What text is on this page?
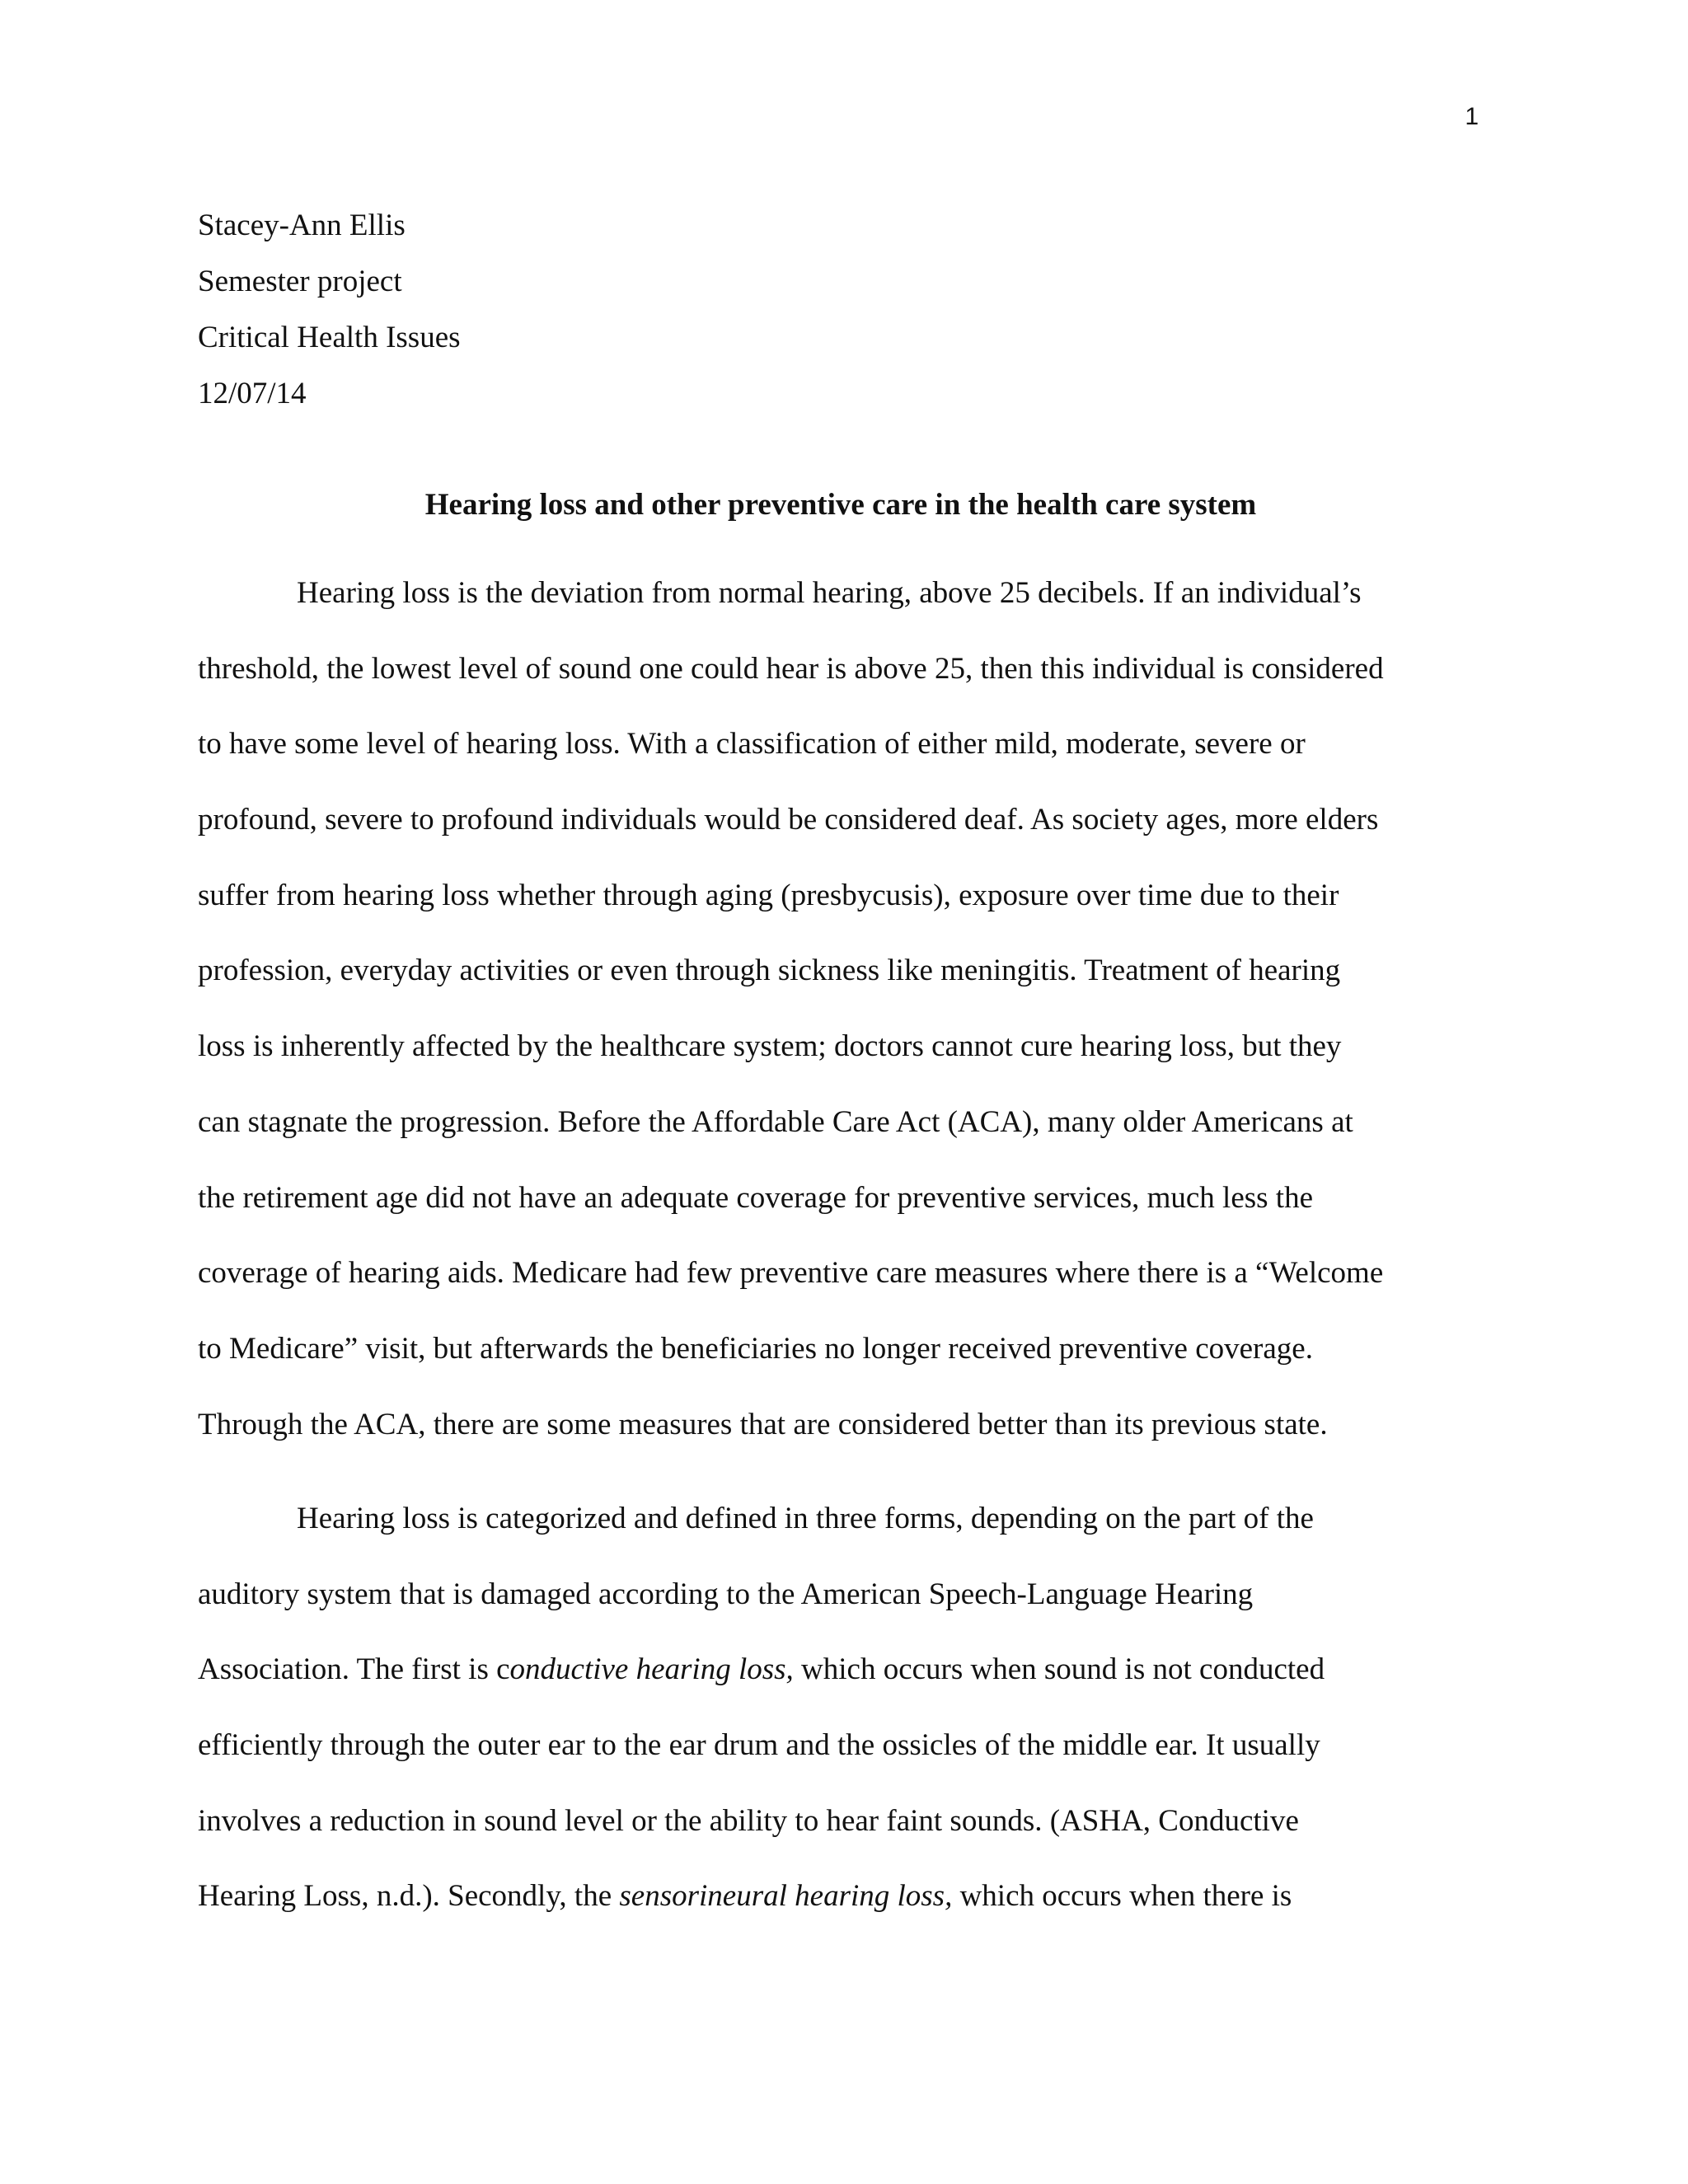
1
Stacey-Ann Ellis
Semester project
Critical Health Issues
12/07/14
Hearing loss and other preventive care in the health care system
Hearing loss is the deviation from normal hearing, above 25 decibels. If an individual’s
threshold, the lowest level of sound one could hear is above 25, then this individual is considered
to have some level of hearing loss. With a classification of either mild, moderate, severe or
profound, severe to profound individuals would be considered deaf. As society ages, more elders
suffer from hearing loss whether through aging (presbycusis), exposure over time due to their
profession, everyday activities or even through sickness like meningitis. Treatment of hearing
loss is inherently affected by the healthcare system; doctors cannot cure hearing loss, but they
can stagnate the progression. Before the Affordable Care Act (ACA), many older Americans at
the retirement age did not have an adequate coverage for preventive services, much less the
coverage of hearing aids. Medicare had few preventive care measures where there is a “Welcome
to Medicare” visit, but afterwards the beneficiaries no longer received preventive coverage.
Through the ACA, there are some measures that are considered better than its previous state.
Hearing loss is categorized and defined in three forms, depending on the part of the
auditory system that is damaged according to the American Speech-Language Hearing
Association. The first is conductive hearing loss, which occurs when sound is not conducted
efficiently through the outer ear to the ear drum and the ossicles of the middle ear. It usually
involves a reduction in sound level or the ability to hear faint sounds. (ASHA, Conductive
Hearing Loss, n.d.). Secondly, the sensorineural hearing loss, which occurs when there is
